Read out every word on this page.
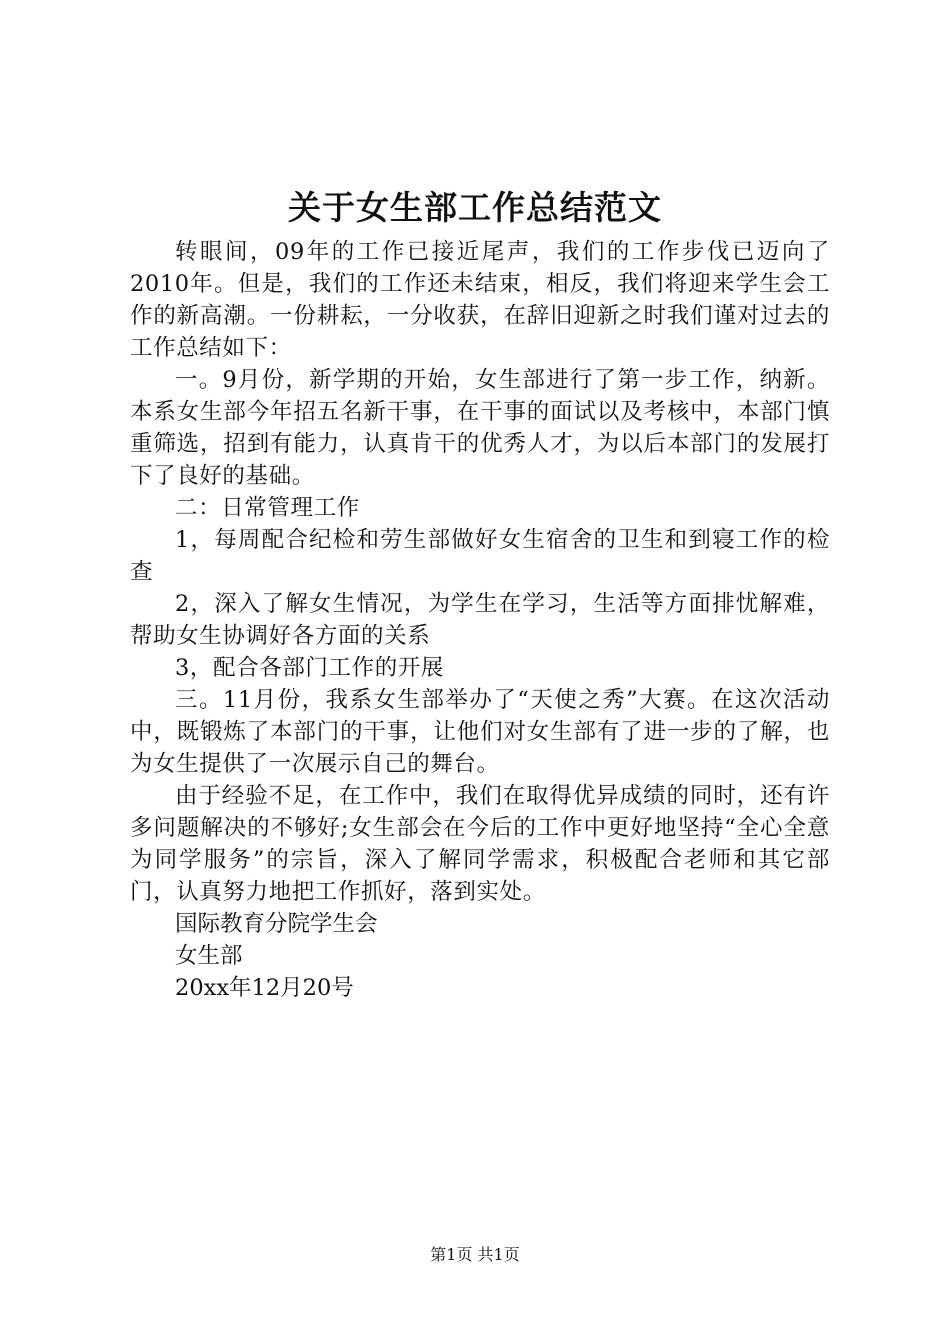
关于女生部工作总结范文

转眼间，09年的工作已接近尾声，我们的工作步伐已迈向了2010年。但是，我们的工作还未结束，相反，我们将迎来学生会工作的新高潮。一份耕耘，一分收获，在辞旧迎新之时我们谨对过去的工作总结如下：

一。9月份，新学期的开始，女生部进行了第一步工作，纳新。本系女生部今年招五名新干事，在干事的面试以及考核中，本部门慎重筛选，招到有能力，认真肯干的优秀人才，为以后本部门的发展打下了良好的基础。

二：日常管理工作

1，每周配合纪检和劳生部做好女生宿舍的卫生和到寝工作的检查

2，深入了解女生情况，为学生在学习，生活等方面排忧解难，帮助女生协调好各方面的关系

3，配合各部门工作的开展

三。11月份，我系女生部举办了“天使之秀”大赛。在这次活动中，既锻炼了本部门的干事，让他们对女生部有了进一步的了解，也为女生提供了一次展示自己的舞台。

由于经验不足，在工作中，我们在取得优异成绩的同时，还有许多问题解决的不够好;女生部会在今后的工作中更好地坚持“全心全意为同学服务”的宗旨，深入了解同学需求，积极配合老师和其它部门，认真努力地把工作抓好，落到实处。

国际教育分院学生会

女生部

20xx年12月20号

第1页 共1页
